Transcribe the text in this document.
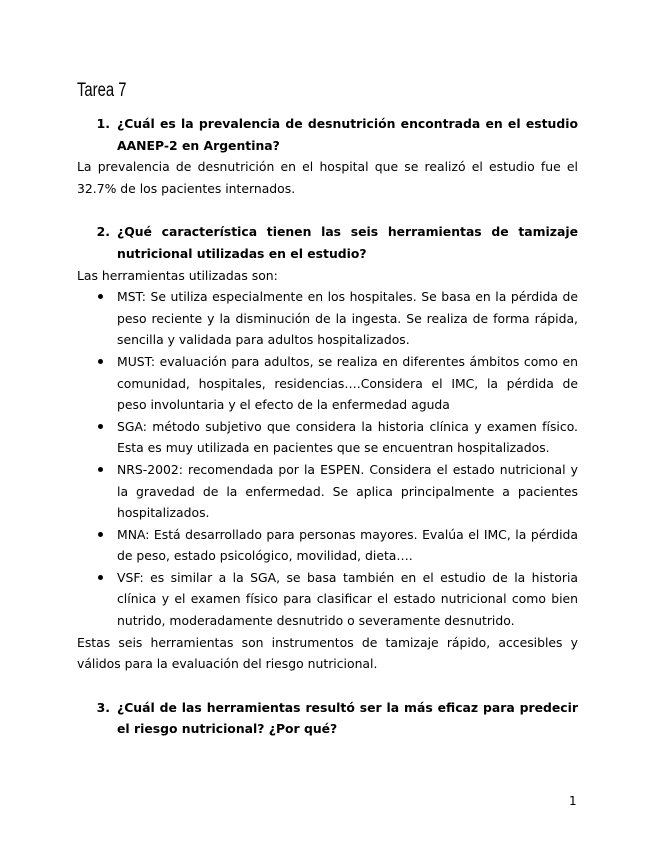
Tarea 7
1. ¿Cuál es la prevalencia de desnutrición encontrada en el estudio AANEP-2 en Argentina?
La prevalencia de desnutrición en el hospital que se realizó el estudio fue el 32.7% de los pacientes internados.
2. ¿Qué característica tienen las seis herramientas de tamizaje nutricional utilizadas en el estudio?
Las herramientas utilizadas son:
MST: Se utiliza especialmente en los hospitales. Se basa en la pérdida de peso reciente y la disminución de la ingesta. Se realiza de forma rápida, sencilla y validada para adultos hospitalizados.
MUST: evaluación para adultos, se realiza en diferentes ámbitos como en comunidad, hospitales, residencias….Considera el IMC, la pérdida de peso involuntaria y el efecto de la enfermedad aguda
SGA: método subjetivo que considera la historia clínica y examen físico. Esta es muy utilizada en pacientes que se encuentran hospitalizados.
NRS-2002: recomendada por la ESPEN. Considera el estado nutricional y la gravedad de la enfermedad. Se aplica principalmente a pacientes hospitalizados.
MNA: Está desarrollado para personas mayores. Evalúa el IMC, la pérdida de peso, estado psicológico, movilidad, dieta….
VSF: es similar a la SGA, se basa también en el estudio de la historia clínica y el examen físico para clasificar el estado nutricional como bien nutrido, moderadamente desnutrido o severamente desnutrido.
Estas seis herramientas son instrumentos de tamizaje rápido, accesibles y válidos para la evaluación del riesgo nutricional.
3. ¿Cuál de las herramientas resultó ser la más eficaz para predecir el riesgo nutricional? ¿Por qué?
1
